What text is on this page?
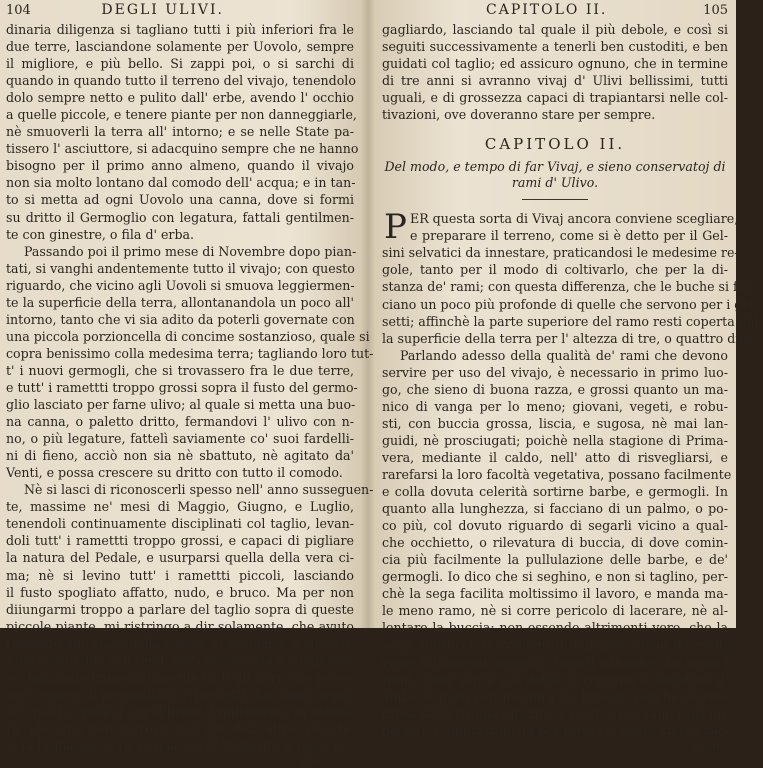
104	DEGLI ULIVI.
dinaria diligenza si tagliano tutti i più inferiori fra le
due terre, lasciandone solamente per Uovolo, sempre
il migliore, e più bello. Si zappi poi, o si sarchi di
quando in quando tutto il terreno del vivajo, tenendolo
dolo sempre netto e pulito dall' erbe, avendo l' occhio
a quelle piccole, e tenere piante per non danneggiarle,
nè smuoverli la terra all' intorno; e se nelle State pa-
tissero l' asciuttore, si adacquino sempre che ne hanno
bisogno per il primo anno almeno, quando il vivajo
non sia molto lontano dal comodo dell' acqua; e in tan-
to si metta ad ogni Uovolo una canna, dove si formi
su dritto il Germoglio con legatura, fattali gentilmen-
te con ginestre, o fila d' erba.
Passando poi il primo mese di Novembre dopo pian-
tati, si vanghi andentemente tutto il vivajo; con questo
riguardo, che vicino agli Uovoli si smuova leggiermen-
te la superficie della terra, allontanandola un poco all'
intorno, tanto che vi sia adito da poterli governate con
una piccola porzioncella di concime sostanzioso, quale si
copra benissimo colla medesima terra; tagliando loro tut-
t' i nuovi germogli, che si trovassero fra le due terre,
e tutt' i ramettti troppo grossi sopra il fusto del germo-
glio lasciato per farne ulivo; al quale si metta una buo-
na canna, o paletto dritto, fermandovi l' ulivo con n-
no, o più legature, fattelì saviamente co' suoi fardelli-
ni di fieno, acciò non sia nè sbattuto, nè agitato da'
Venti, e possa crescere su dritto con tutto il comodo.
Nè si lasci di riconoscerli spesso nell' anno susseguen-
te, massime ne' mesi di Maggio, Giugno, e Luglio,
tenendoli continuamente disciplinati col taglio, levan-
doli tutt' i ramettti troppo grossi, e capaci di pigliare
la natura del Pedale, e usurparsi quella della vera ci-
ma; nè si levino tutt' i ramettti piccoli, lasciando
il fusto spogliato affatto, nudo, e bruco. Ma per non
diiungarmi troppo a parlare del taglio sopra di queste
piccole piante, mi ristringo a dir solamente, che avuto
riguardo allo stato della pianta, si scelgano, e si desti-
nino subito due soli rami, per cominciarla a comporne-
re, tagliando immediatamente tutti gli altri, che potes-
sero essere di pregiudizio a' predetti due rami; sopra
de' quali si veda d' equilibrare il nutrimento in manie-
ra, che uno non ingrossi mai più dell' altro, ciò che
si fa tagliando, e raccorciando dottamente il ramo più
ga-
CAPITOLO II.	105
gagliardo, lasciando tal quale il più debole, e così si
seguiti successivamente a tenerli ben custoditi, e ben
guidati col taglio; ed assicuro ognuno, che in termine
di tre anni si avranno vivaj d' Ulivi bellissimi, tutti
uguali, e di grossezza capaci di trapiantarsi nelle col-
tivazioni, ove doveranno stare per sempre.
CAPITOLO II.
Del modo, e tempo di far Vivaj, e sieno conservatoj di
rami d' Ulivo.
P ER questa sorta di Vivaj ancora conviene scegliare,
e preparare il terreno, come si è detto per il Gel-
sini selvatici da innestare, praticandosi le medesime re-
gole, tanto per il modo di coltivarlo, che per la di-
stanza de' rami; con questa differenza, che le buche si fac-
ciano un poco più profonde di quelle che servono per i gel-
setti; affinchè la parte superiore del ramo resti coperta dal-
la superficie della terra per l' altezza di tre, o quattro dita.
Parlando adesso della qualità de' rami che devono
servire per uso del vivajo, è necessario in primo luo-
go, che sieno di buona razza, e grossi quanto un ma-
nico di vanga per lo meno; giovani, vegeti, e robu-
sti, con buccia grossa, liscia, e sugosa, nè mai lan-
guidi, nè prosciugati; poichè nella stagione di Prima-
vera, mediante il caldo, nell' atto di risvegliarsi, e
rarefarsi la loro facoltà vegetativa, possano facilmente
e colla dovuta celerità sortirne barbe, e germogli. In
quanto alla lunghezza, si facciano di un palmo, o po-
co più, col dovuto riguardo di segarli vicino a qual-
che occhietto, o rilevatura di buccia, di dove comin-
cia più facilmente la pullulazione delle barbe, e de'
germogli. Io dico che si seghino, e non si taglino, per-
chè la sega facilita moltissimo il lavoro, e manda ma-
le meno ramo, nè si corre pericolo di lacerare, nè al-
lentare la buccia: non essendo altrimenti vero, che la
sega abbrucci, o avveleni il legname, come da molti
viene falsamente asserito. Segati adunque che sieno i
rami, come sopra si è detto, si coprano le segature d'
ambe le parti con mestura da Innesti, perchè restino
difesi dalla troppa umidità, e restino più sani. Così im-
peciati, s' imbrattino da per tutto col solito sterco vac-
cino,
